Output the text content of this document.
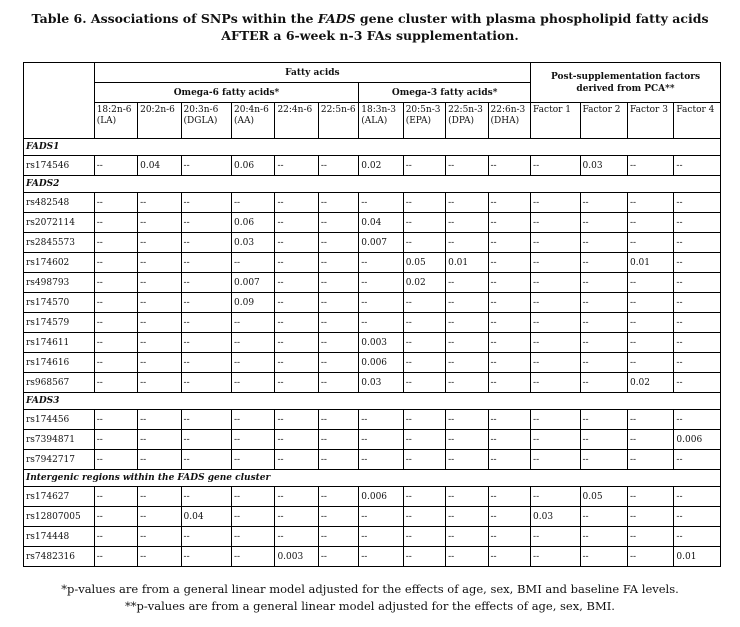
Table 6. Associations of SNPs within the FADS gene cluster with plasma phospholipid fatty acids AFTER a 6-week n-3 FAs supplementation.
	Fatty acids										Post-supplementation factors derived from PCA**			
	Omega-6 fatty acids*						Omega-3 fatty acids*							
	18:2n-6 (LA)	20:2n-6	20:3n-6 (DGLA)	20:4n-6 (AA)	22:4n-6	22:5n-6	18:3n-3 (ALA)	20:5n-3 (EPA)	22:5n-3 (DPA)	22:6n-3 (DHA)	Factor 1	Factor 2	Factor 3	Factor 4
FADS1														
rs174546	--	0.04	--	0.06	--	--	0.02	--	--	--	--	0.03	--	--
FADS2														
rs482548	--	--	--	--	--	--	--	--	--	--	--	--	--	--
rs2072114	--	--	--	0.06	--	--	0.04	--	--	--	--	--	--	--
rs2845573	--	--	--	0.03	--	--	0.007	--	--	--	--	--	--	--
rs174602	--	--	--	--	--	--	--	0.05	0.01	--	--	--	0.01	--
rs498793	--	--	--	0.007	--	--	--	0.02	--	--	--	--	--	--
rs174570	--	--	--	0.09	--	--	--	--	--	--	--	--	--	--
rs174579	--	--	--	--	--	--	--	--	--	--	--	--	--	--
rs174611	--	--	--	--	--	--	0.003	--	--	--	--	--	--	--
rs174616	--	--	--	--	--	--	0.006	--	--	--	--	--	--	--
rs968567	--	--	--	--	--	--	0.03	--	--	--	--	--	0.02	--
FADS3														
rs174456	--	--	--	--	--	--	--	--	--	--	--	--	--	--
rs7394871	--	--	--	--	--	--	--	--	--	--	--	--	--	0.006
rs7942717	--	--	--	--	--	--	--	--	--	--	--	--	--	--
Intergenic regions within the FADS gene cluster														
rs174627	--	--	--	--	--	--	0.006	--	--	--	--	0.05	--	--
rs12807005	--	--	0.04	--	--	--	--	--	--	--	0.03	--	--	--
rs174448	--	--	--	--	--	--	--	--	--	--	--	--	--	--
rs7482316	--	--	--	--	0.003	--	--	--	--	--	--	--	--	0.01
*p-values are from a general linear model adjusted for the effects of age, sex, BMI and baseline FA levels.
**p-values are from a general linear model adjusted for the effects of age, sex, BMI.
